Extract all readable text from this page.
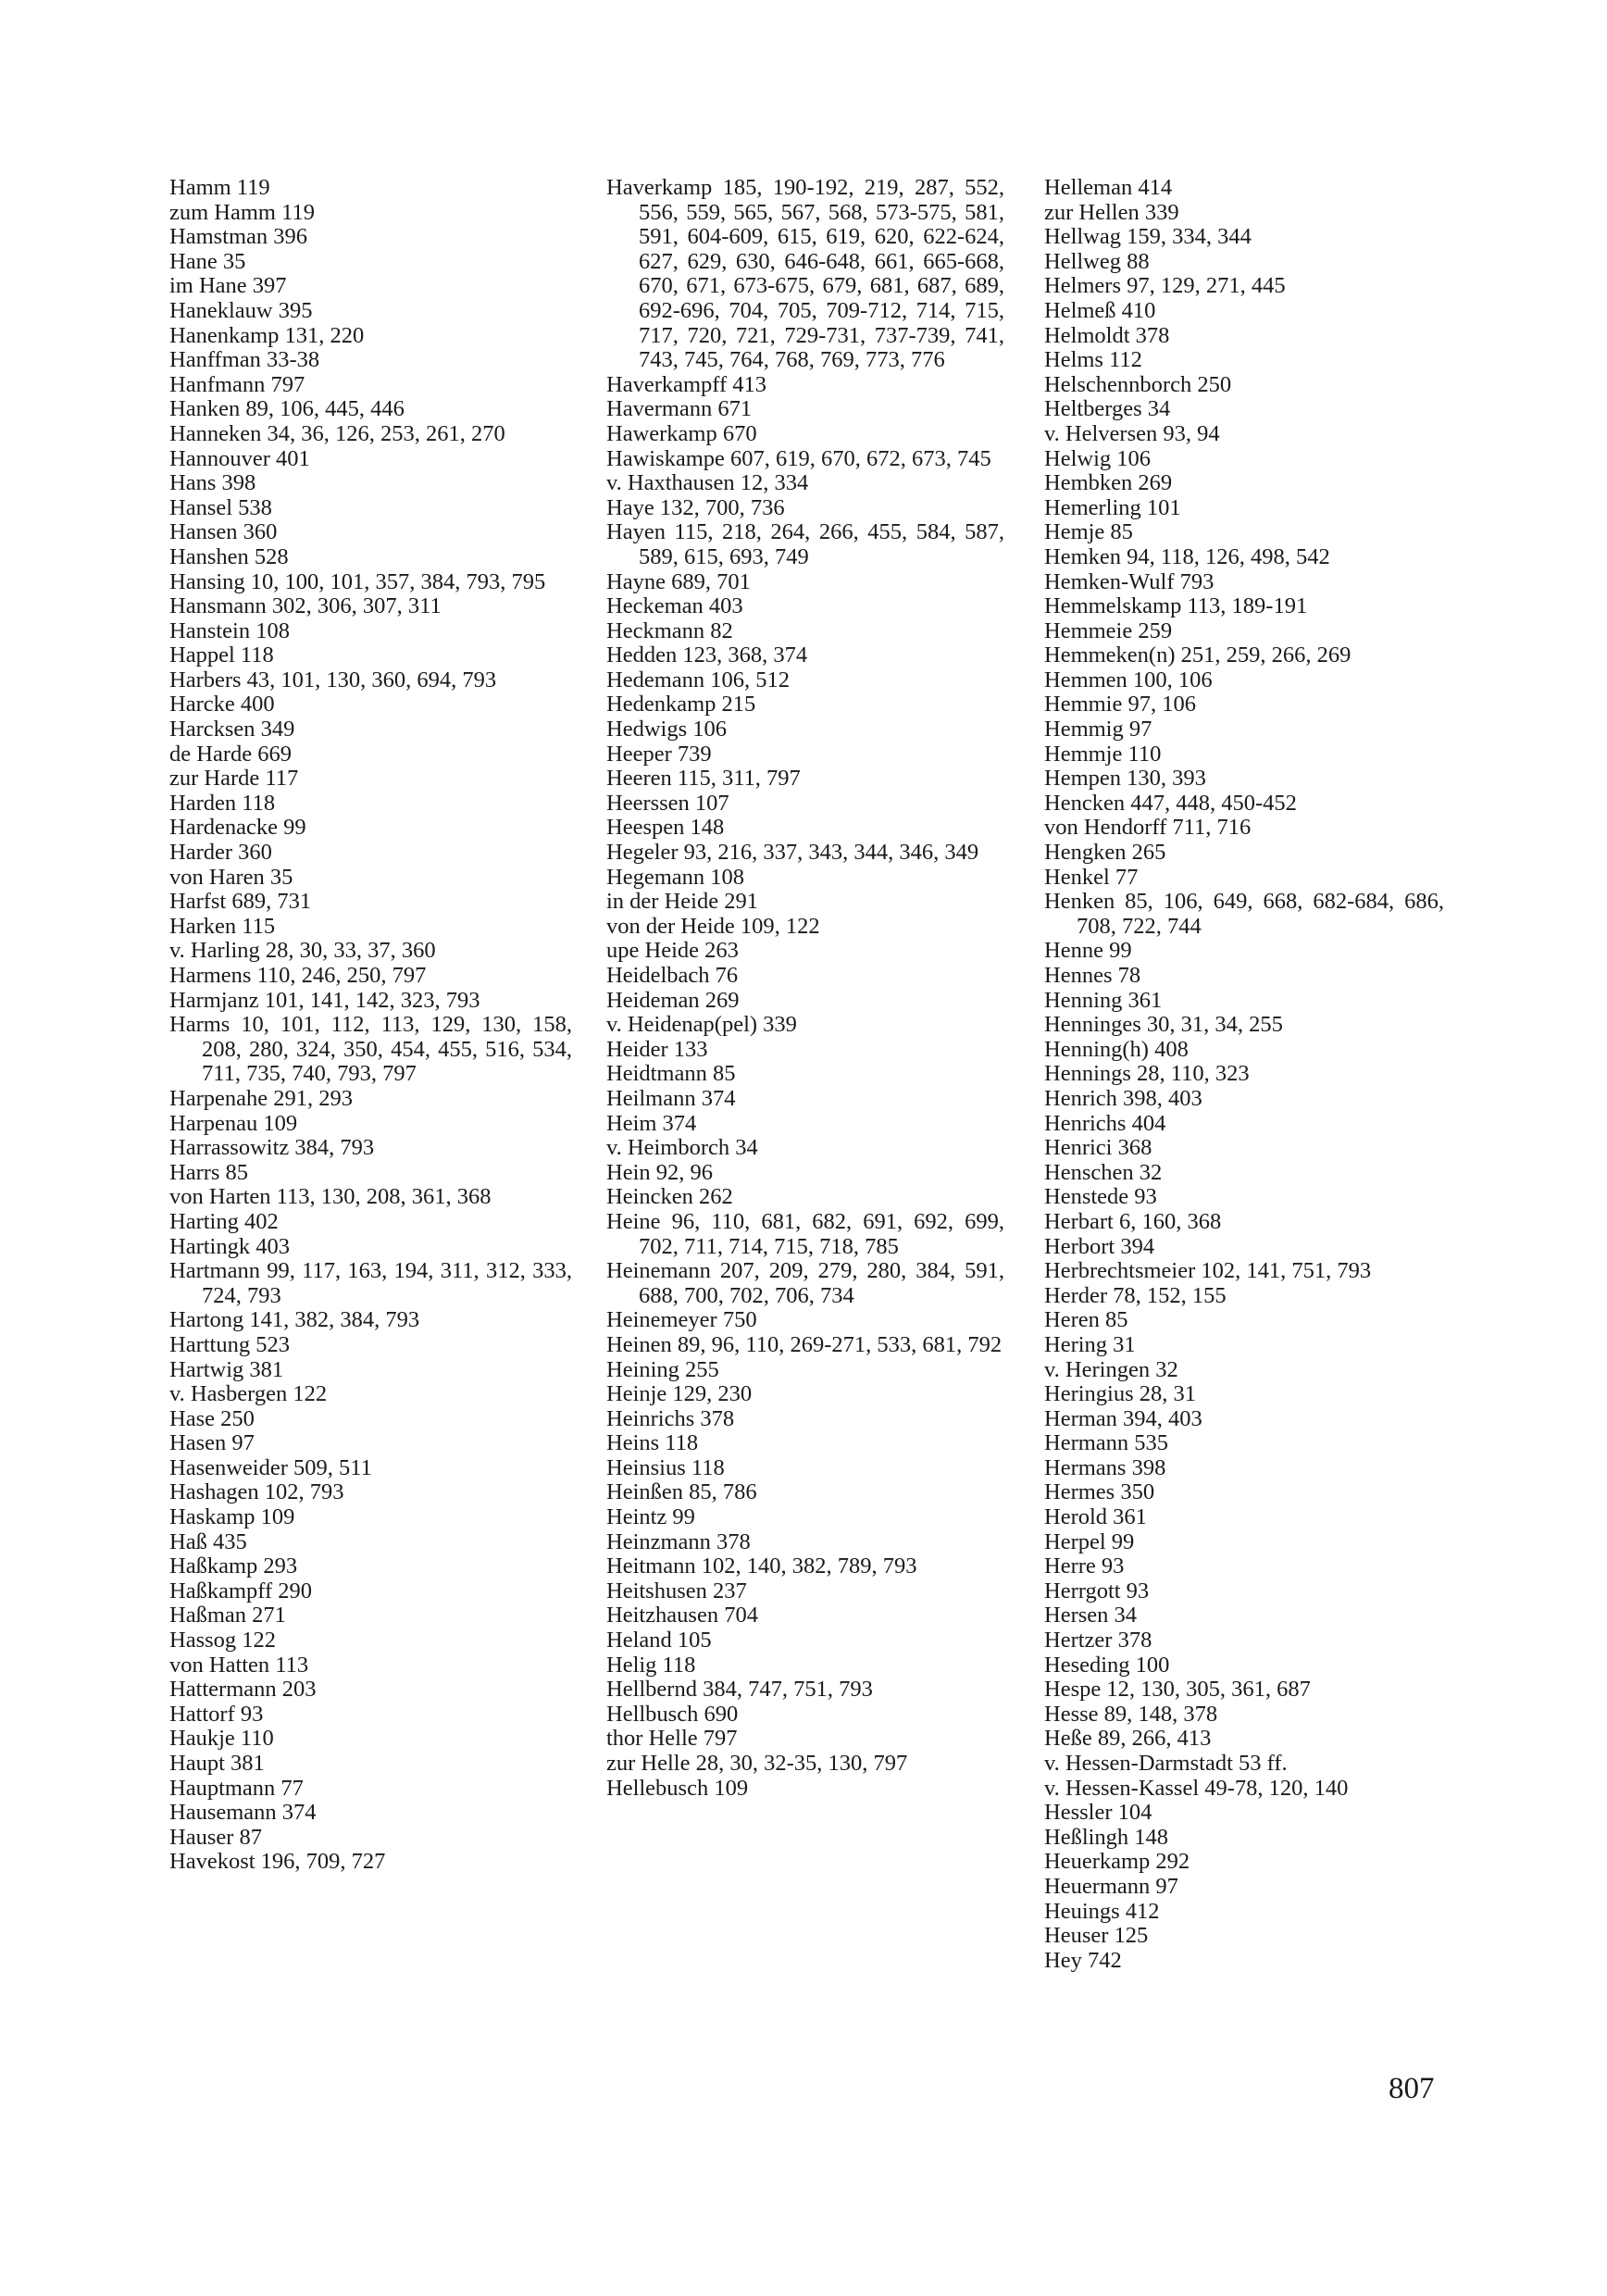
Hamm 119

zum Hamm 119

Hamstman 396

Hane 35

im Hane 397

Haneklauw 395

Hanenkamp 131, 220

Hanffman 33-38

Hanfmann 797

Hanken 89, 106, 445, 446

Hanneken 34, 36, 126, 253, 261, 270

Hannouver 401

Hans 398

Hansel 538

Hansen 360

Hanshen 528

Hansing 10, 100, 101, 357, 384, 793, 795

Hansmann 302, 306, 307, 311

Hanstein 108

Happel 118

Harbers 43, 101, 130, 360, 694, 793

Harcke 400

Harcksen 349

de Harde 669

zur Harde 117

Harden 118

Hardenacke 99

Harder 360

von Haren 35

Harfst 689, 731

Harken 115

v. Harling 28, 30, 33, 37, 360

Harmens 110, 246, 250, 797

Harmjanz 101, 141, 142, 323, 793

Harms 10, 101, 112, 113, 129, 130, 158, 208, 280, 324, 350, 454, 455, 516, 534, 711, 735, 740, 793, 797

Harpenahe 291, 293

Harpenau 109

Harrassowitz 384, 793

Harrs 85

von Harten 113, 130, 208, 361, 368

Harting 402

Hartingk 403

Hartmann 99, 117, 163, 194, 311, 312, 333, 724, 793

Hartong 141, 382, 384, 793

Harttung 523

Hartwig 381

v. Hasbergen 122

Hase 250

Hasen 97

Hasenweider 509, 511

Hashagen 102, 793

Haskamp 109

Haß 435

Haßkamp 293

Haßkampff 290

Haßman 271

Hassog 122

von Hatten 113

Hattermann 203

Hattorf 93

Haukje 110

Haupt 381

Hauptmann 77

Hausemann 374

Hauser 87

Havekost 196, 709, 727

Haverkamp 185, 190-192, 219, 287, 552, 556, 559, 565, 567, 568, 573-575, 581, 591, 604-609, 615, 619, 620, 622-624, 627, 629, 630, 646-648, 661, 665-668, 670, 671, 673-675, 679, 681, 687, 689, 692-696, 704, 705, 709-712, 714, 715, 717, 720, 721, 729-731, 737-739, 741, 743, 745, 764, 768, 769, 773, 776

Haverkampff 413

Havermann 671

Hawerkamp 670

Hawiskampe 607, 619, 670, 672, 673, 745

v. Haxthausen 12, 334

Haye 132, 700, 736

Hayen 115, 218, 264, 266, 455, 584, 587, 589, 615, 693, 749

Hayne 689, 701

Heckeman 403

Heckmann 82

Hedden 123, 368, 374

Hedemann 106, 512

Hedenkamp 215

Hedwigs 106

Heeper 739

Heeren 115, 311, 797

Heerssen 107

Heespen 148

Hegeler 93, 216, 337, 343, 344, 346, 349

Hegemann 108

in der Heide 291

von der Heide 109, 122

upe Heide 263

Heidelbach 76

Heideman 269

v. Heidenap(pel) 339

Heider 133

Heidtmann 85

Heilmann 374

Heim 374

v. Heimborch 34

Hein 92, 96

Heincken 262

Heine 96, 110, 681, 682, 691, 692, 699, 702, 711, 714, 715, 718, 785

Heinemann 207, 209, 279, 280, 384, 591, 688, 700, 702, 706, 734

Heinemeyer 750

Heinen 89, 96, 110, 269-271, 533, 681, 792

Heining 255

Heinje 129, 230

Heinrichs 378

Heins 118

Heinsius 118

Heinßen 85, 786

Heintz 99

Heinzmann 378

Heitmann 102, 140, 382, 789, 793

Heitshusen 237

Heitzhausen 704

Heland 105

Helig 118

Hellbernd 384, 747, 751, 793

Hellbusch 690

thor Helle 797

zur Helle 28, 30, 32-35, 130, 797

Hellebusch 109

Helleman 414

zur Hellen 339

Hellwag 159, 334, 344

Hellweg 88

Helmers 97, 129, 271, 445

Helmeß 410

Helmoldt 378

Helms 112

Helschennborch 250

Heltberges 34

v. Helversen 93, 94

Helwig 106

Hembken 269

Hemerling 101

Hemje 85

Hemken 94, 118, 126, 498, 542

Hemken-Wulf 793

Hemmelskamp 113, 189-191

Hemmeie 259

Hemmeken(n) 251, 259, 266, 269

Hemmen 100, 106

Hemmie 97, 106

Hemmig 97

Hemmje 110

Hempen 130, 393

Hencken 447, 448, 450-452

von Hendorff 711, 716

Hengken 265

Henkel 77

Henken 85, 106, 649, 668, 682-684, 686, 708, 722, 744

Henne 99

Hennes 78

Henning 361

Henninges 30, 31, 34, 255

Henning(h) 408

Hennings 28, 110, 323

Henrich 398, 403

Henrichs 404

Henrici 368

Henschen 32

Henstede 93

Herbart 6, 160, 368

Herbort 394

Herbrechtsmeier 102, 141, 751, 793

Herder 78, 152, 155

Heren 85

Hering 31

v. Heringen 32

Heringius 28, 31

Herman 394, 403

Hermann 535

Hermans 398

Hermes 350

Herold 361

Herpel 99

Herre 93

Herrgott 93

Hersen 34

Hertzer 378

Heseding 100

Hespe 12, 130, 305, 361, 687

Hesse 89, 148, 378

Heße 89, 266, 413

v. Hessen-Darmstadt 53 ff.

v. Hessen-Kassel 49-78, 120, 140

Hessler 104

Heßlingh 148

Heuerkamp 292

Heuermann 97

Heuings 412

Heuser 125

Hey 742

807
